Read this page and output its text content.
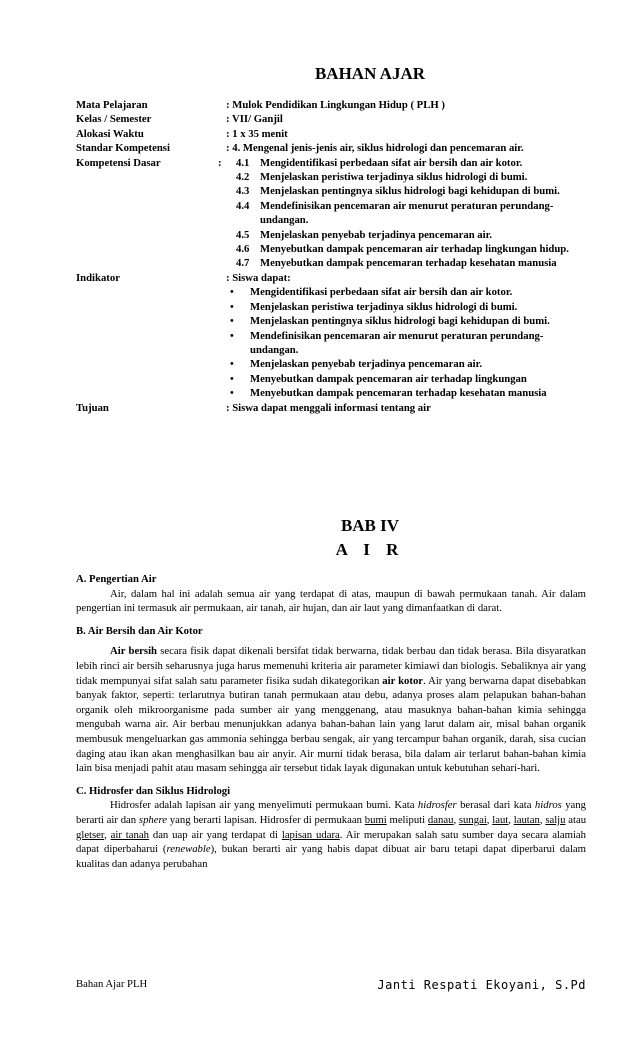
BAHAN AJAR
Mata Pelajaran	: Mulok Pendidikan Lingkungan Hidup ( PLH )
Kelas / Semester	: VII/ Ganjil
Alokasi Waktu	: 1 x 35 menit
Standar Kompetensi	: 4. Mengenal jenis-jenis air, siklus hidrologi dan pencemaran air.
Kompetensi Dasar	:	4.1 Mengidentifikasi perbedaan sifat air bersih dan air kotor.
4.2 Menjelaskan peristiwa terjadinya siklus hidrologi di bumi.
4.3 Menjelaskan pentingnya siklus hidrologi bagi kehidupan di bumi.
4.4 Mendefinisikan pencemaran air menurut peraturan perundang-undangan.
4.5 Menjelaskan penyebab terjadinya pencemaran air.
4.6 Menyebutkan dampak pencemaran air terhadap lingkungan hidup.
4.7 Menyebutkan dampak pencemaran terhadap kesehatan manusia
Indikator	: Siswa dapat:
•	Mengidentifikasi perbedaan sifat air bersih dan air kotor.
•	Menjelaskan peristiwa terjadinya siklus hidrologi di bumi.
•	Menjelaskan pentingnya siklus hidrologi bagi kehidupan di bumi.
•	Mendefinisikan pencemaran air menurut peraturan perundang-undangan.
•	Menjelaskan penyebab terjadinya pencemaran air.
•	Menyebutkan dampak pencemaran air terhadap lingkungan
•	Menyebutkan dampak pencemaran terhadap kesehatan manusia
Tujuan	: Siswa dapat menggali informasi tentang air
BAB IV
A I R

A. Pengertian Air

Air, dalam hal ini adalah semua air yang terdapat di atas, maupun di bawah permukaan tanah. Air dalam pengertian ini termasuk air permukaan, air tanah, air hujan, dan air laut yang dimanfaatkan di darat.

B. Air Bersih dan Air Kotor

Air bersih secara fisik dapat dikenali bersifat tidak berwarna, tidak berbau dan tidak berasa. Bila disyaratkan lebih rinci air bersih seharusnya juga harus memenuhi kriteria air parameter kimiawi dan biologis. Sebaliknya air yang tidak mempunyai sifat salah satu parameter fisika sudah dikategorikan air kotor. Air yang berwarna dapat disebabkan banyak faktor, seperti: terlarutnya butiran tanah permukaan atau debu, adanya proses alam pelapukan bahan-bahan organik oleh mikroorganisme pada sumber air yang menggenang, atau masuknya bahan-bahan kimia sehingga mengubah warna air. Air berbau menunjukkan adanya bahan-bahan lain yang larut dalam air, misal bahan organik membusuk mengeluarkan gas ammonia sehingga berbau sengak, air yang tercampur bahan organik, darah, sisa cucian daging atau ikan akan menghasilkan bau air anyir. Air murni tidak berasa, bila dalam air terlarut bahan-bahan kimia lain bisa menjadi pahit atau masam sehingga air tersebut tidak layak digunakan untuk kebutuhan sehari-hari.

C. Hidrosfer dan Siklus Hidrologi

Hidrosfer adalah lapisan air yang menyelimuti permukaan bumi. Kata hidrosfer berasal dari kata hidros yang berarti air dan sphere yang berarti lapisan. Hidrosfer di permukaan bumi meliputi danau, sungai, laut, lautan, salju atau gletser, air tanah dan uap air yang terdapat di lapisan udara. Air merupakan salah satu sumber daya secara alamiah dapat diperbaharui (renewable), bukan berarti air yang habis dapat dibuat air baru tetapi dapat diperbarui dalam kualitas dan adanya perubahan

Bahan Ajar PLH	Janti Respati Ekoyani, S.Pd
